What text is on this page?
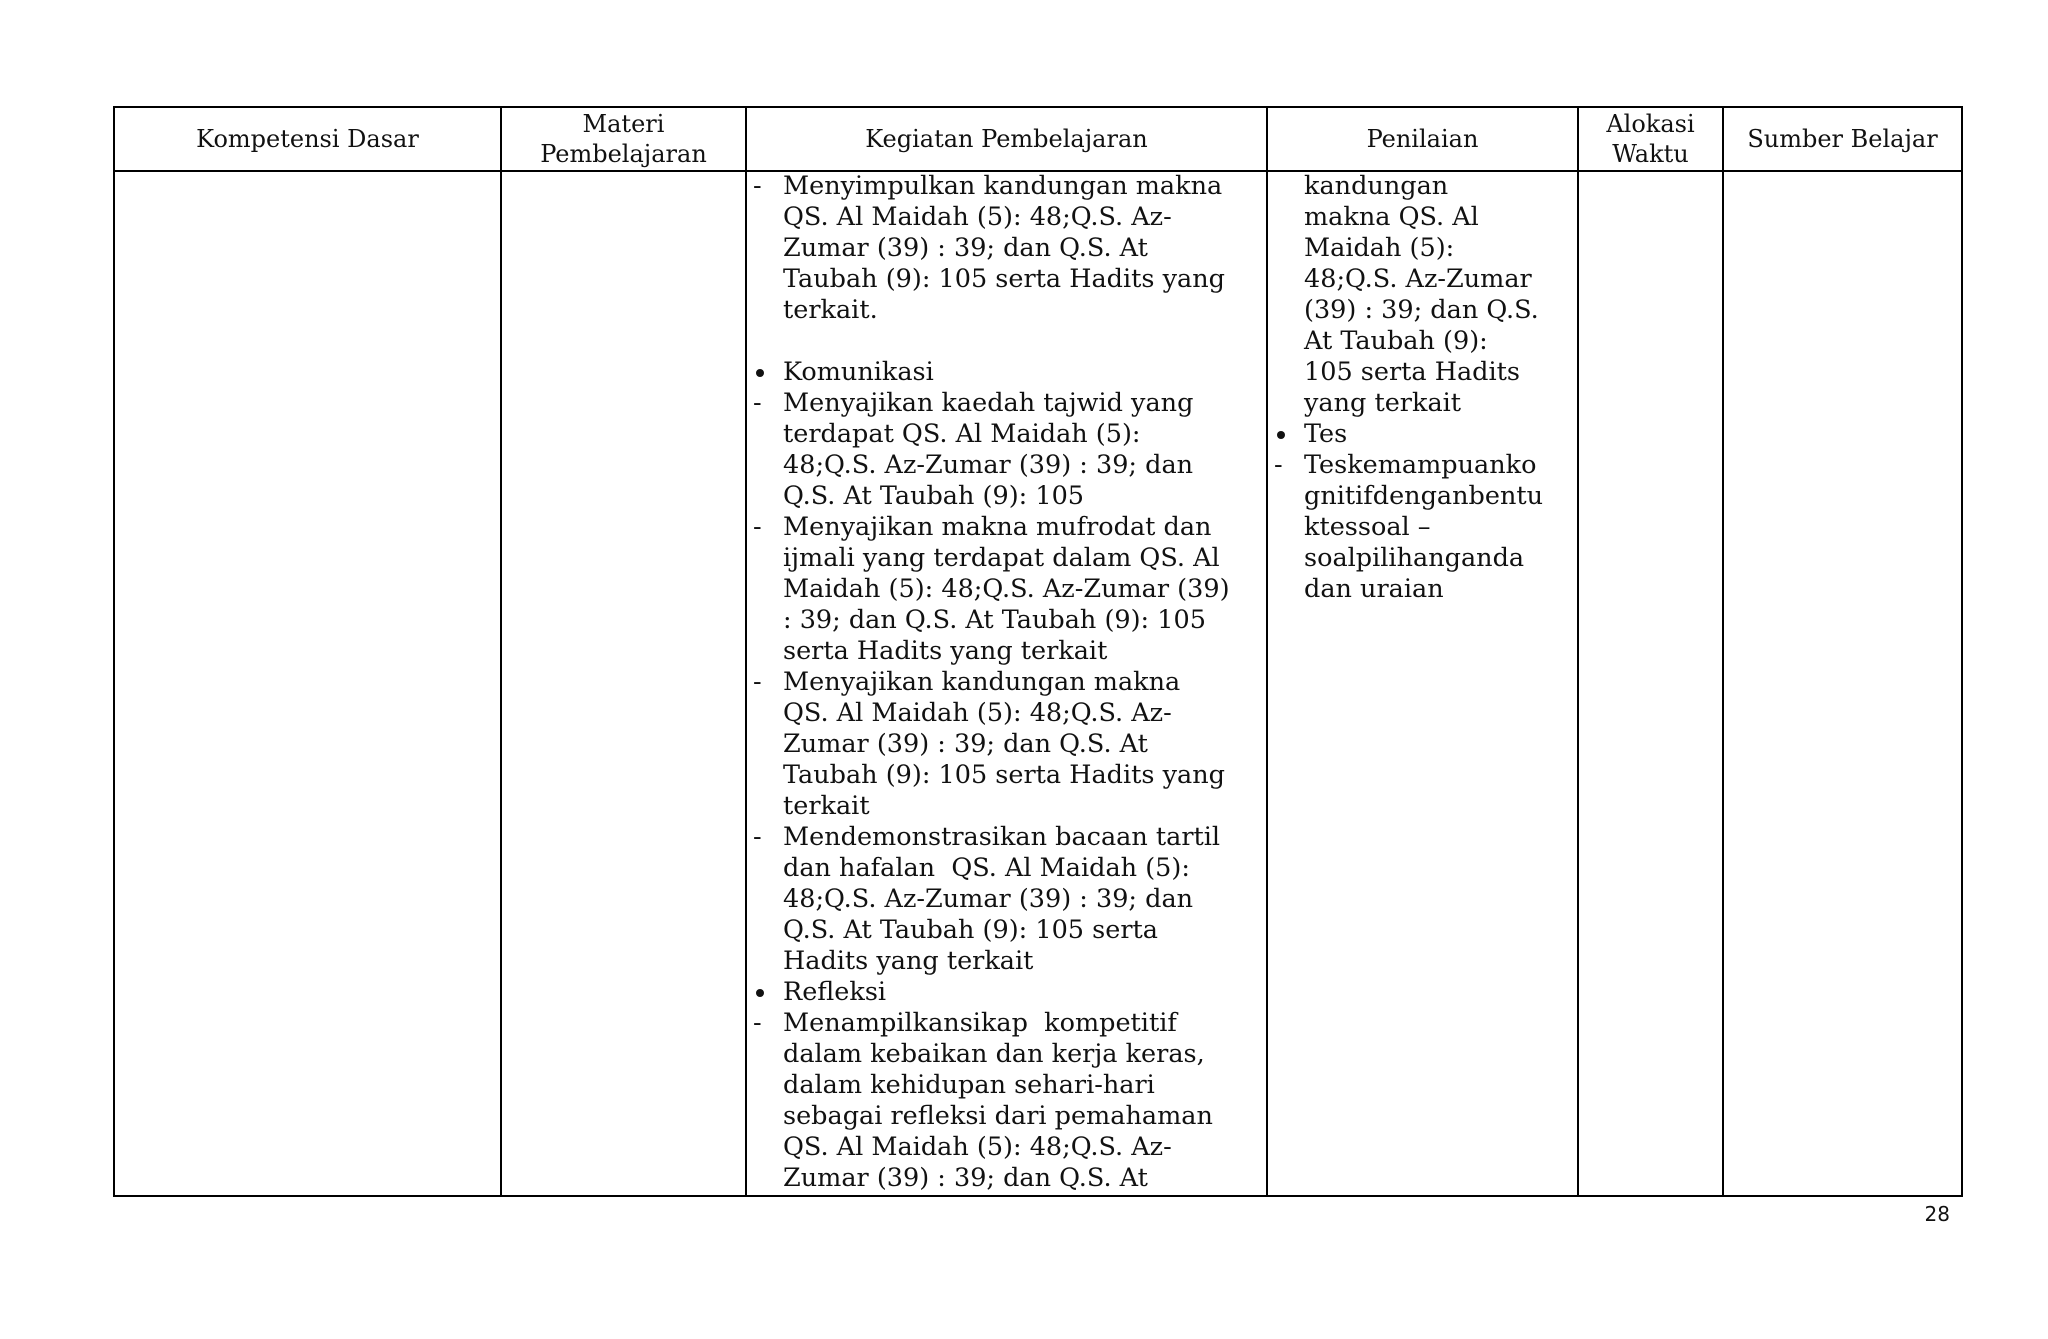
Kompetensi Dasar
Materi
Pembelajaran
Kegiatan Pembelajaran	Penilaian
Alokasi
Waktu
Sumber Belajar
-
Menyimpulkan kandungan makna
QS. Al Maidah (5): 48;Q.S. Az-
Zumar (39) : 39; dan Q.S. At
Taubah (9): 105 serta Hadits yang
terkait.
Komunikasi
-
Menyajikan kaedah tajwid yang
terdapat QS. Al Maidah (5):
48;Q.S. Az-Zumar (39) : 39; dan
Q.S. At Taubah (9): 105
-
Menyajikan makna mufrodat dan
ijmali yang terdapat dalam QS. Al
Maidah (5): 48;Q.S. Az-Zumar (39)
: 39; dan Q.S. At Taubah (9): 105
serta Hadits yang terkait
-
Menyajikan kandungan makna
QS. Al Maidah (5): 48;Q.S. Az-
Zumar (39) : 39; dan Q.S. At
Taubah (9): 105 serta Hadits yang
terkait
-
Mendemonstrasikan bacaan tartil
dan hafalan  QS. Al Maidah (5):
48;Q.S. Az-Zumar (39) : 39; dan
Q.S. At Taubah (9): 105 serta
Hadits yang terkait
Refleksi
-
Menampilkansikap  kompetitif
dalam kebaikan dan kerja keras,
dalam kehidupan sehari-hari
sebagai refleksi dari pemahaman
QS. Al Maidah (5): 48;Q.S. Az-
Zumar (39) : 39; dan Q.S. At
kandungan
makna QS. Al
Maidah (5):
48;Q.S. Az-Zumar
(39) : 39; dan Q.S.
At Taubah (9):
105 serta Hadits
yang terkait
Tes
-
Teskemampuanko
gnitifdenganbentu
ktessoal –
soalpilihanganda
dan uraian
28
